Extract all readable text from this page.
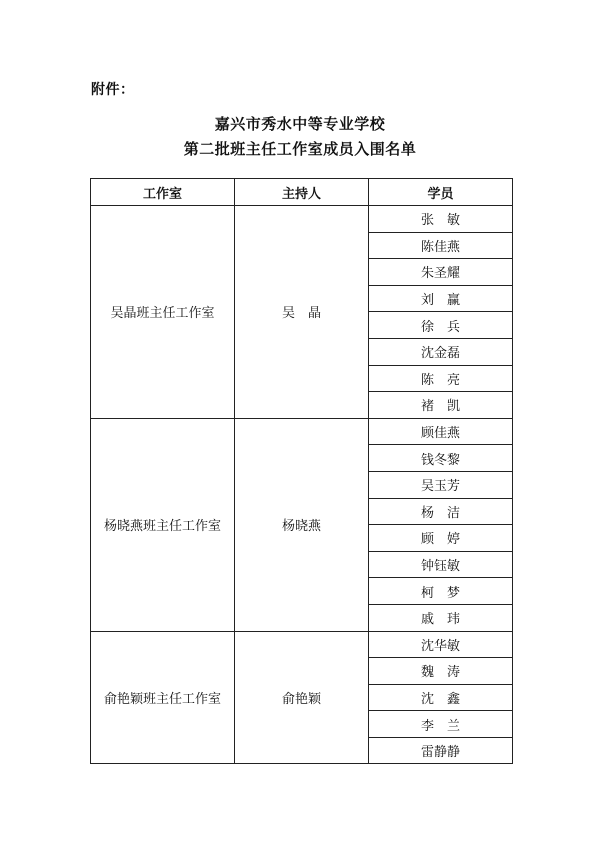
附件：
嘉兴市秀水中等专业学校
第二批班主任工作室成员入围名单
工作室	主持人	学员
吴晶班主任工作室	吴　晶	张　敏
		陈佳燕
		朱圣耀
		刘　赢
		徐　兵
		沈金磊
		陈　亮
		褚　凯
杨晓燕班主任工作室	杨晓燕	顾佳燕
		钱冬黎
		吴玉芳
		杨　洁
		顾　婷
		钟钰敏
		柯　梦
		戚　玮
俞艳颖班主任工作室	俞艳颖	沈华敏
		魏　涛
		沈　鑫
		李　兰
		雷静静
